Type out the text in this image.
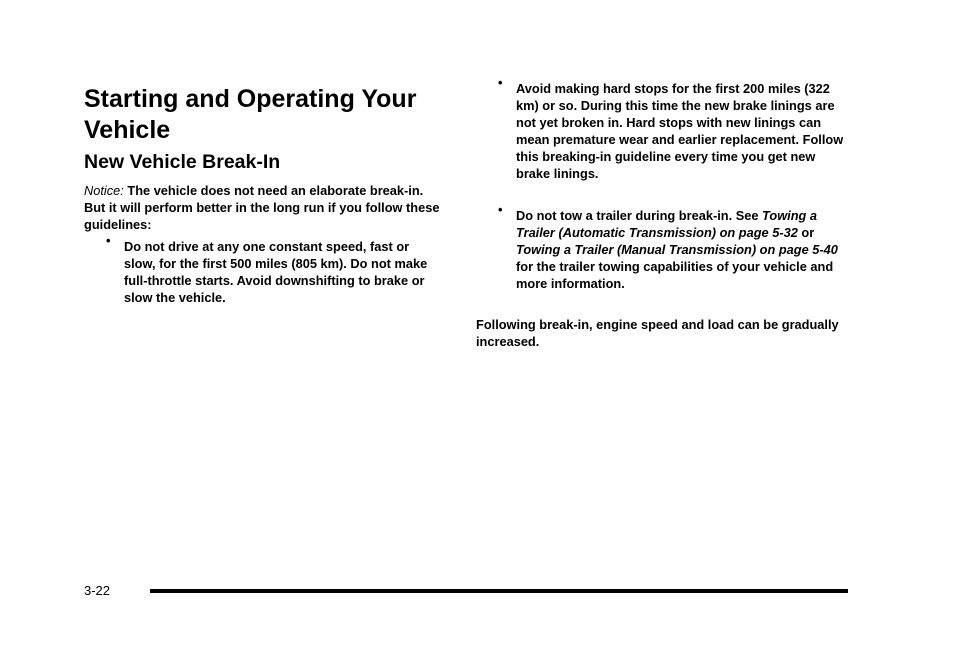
Starting and Operating Your Vehicle
New Vehicle Break-In

Notice: The vehicle does not need an elaborate break-in. But it will perform better in the long run if you follow these guidelines:

• Do not drive at any one constant speed, fast or slow, for the first 500 miles (805 km). Do not make full-throttle starts. Avoid downshifting to brake or slow the vehicle.

• Avoid making hard stops for the first 200 miles (322 km) or so. During this time the new brake linings are not yet broken in. Hard stops with new linings can mean premature wear and earlier replacement. Follow this breaking-in guideline every time you get new brake linings.

• Do not tow a trailer during break-in. See Towing a Trailer (Automatic Transmission) on page 5-32 or Towing a Trailer (Manual Transmission) on page 5-40 for the trailer towing capabilities of your vehicle and more information.

Following break-in, engine speed and load can be gradually increased.

3-22
